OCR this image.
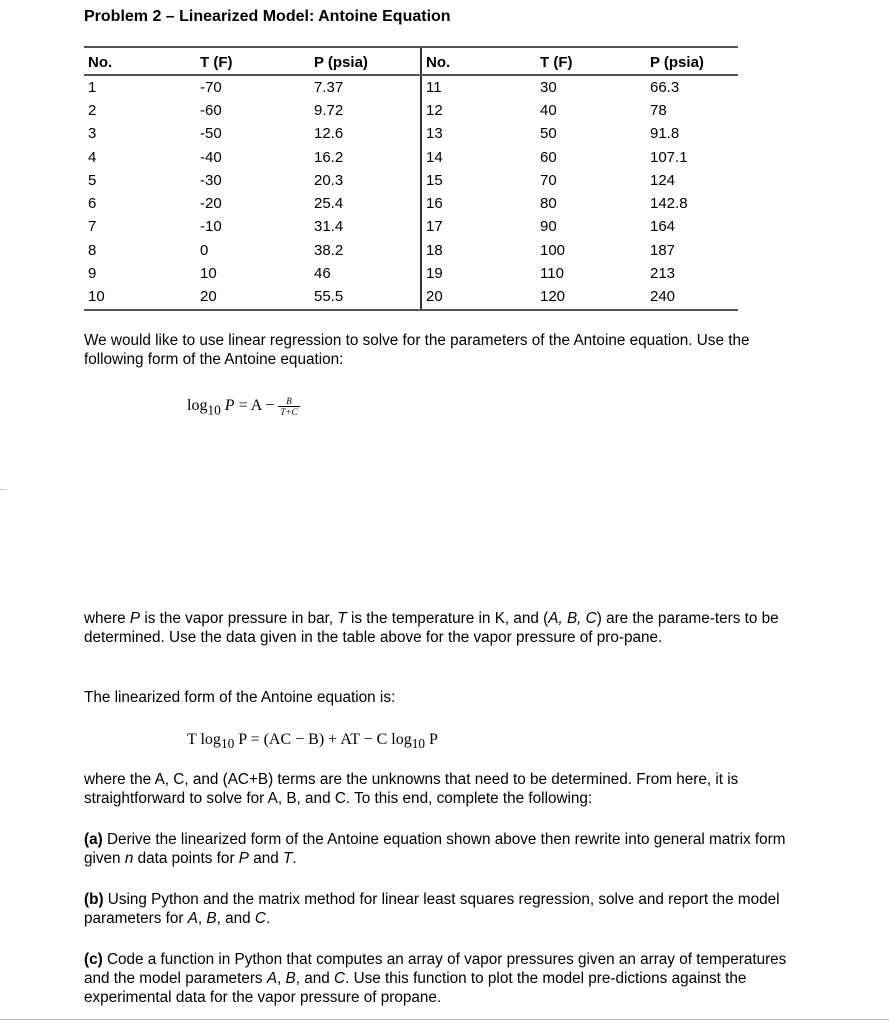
Problem 2 – Linearized Model: Antoine Equation
No.	T (F)	P (psia)	No.	T (F)	P (psia)
1	-70	7.37	11	30	66.3
2	-60	9.72	12	40	78
3	-50	12.6	13	50	91.8
4	-40	16.2	14	60	107.1
5	-30	20.3	15	70	124
6	-20	25.4	16	80	142.8
7	-10	31.4	17	90	164
8	0	38.2	18	100	187
9	10	46	19	110	213
10	20	55.5	20	120	240

We would like to use linear regression to solve for the parameters of the Antoine equation. Use the following form of the Antoine equation:

$\log_{10} P = A - \frac{B}{T+C}$

where P is the vapor pressure in bar, T is the temperature in K, and (A, B, C) are the parame-ters to be determined. Use the data given in the table above for the vapor pressure of pro-pane.

The linearized form of the Antoine equation is:

T $\log_{10} P = (AC - B)$ + AT − C $\log_{10} P$

where the A, C, and (AC+B) terms are the unknowns that need to be determined. From here, it is straightforward to solve for A, B, and C. To this end, complete the following:

(a) Derive the linearized form of the Antoine equation shown above then rewrite into general matrix form given n data points for P and T.

(b) Using Python and the matrix method for linear least squares regression, solve and report the model parameters for A, B, and C.

(c) Code a function in Python that computes an array of vapor pressures given an array of temperatures and the model parameters A, B, and C. Use this function to plot the model pre-dictions against the experimental data for the vapor pressure of propane.
